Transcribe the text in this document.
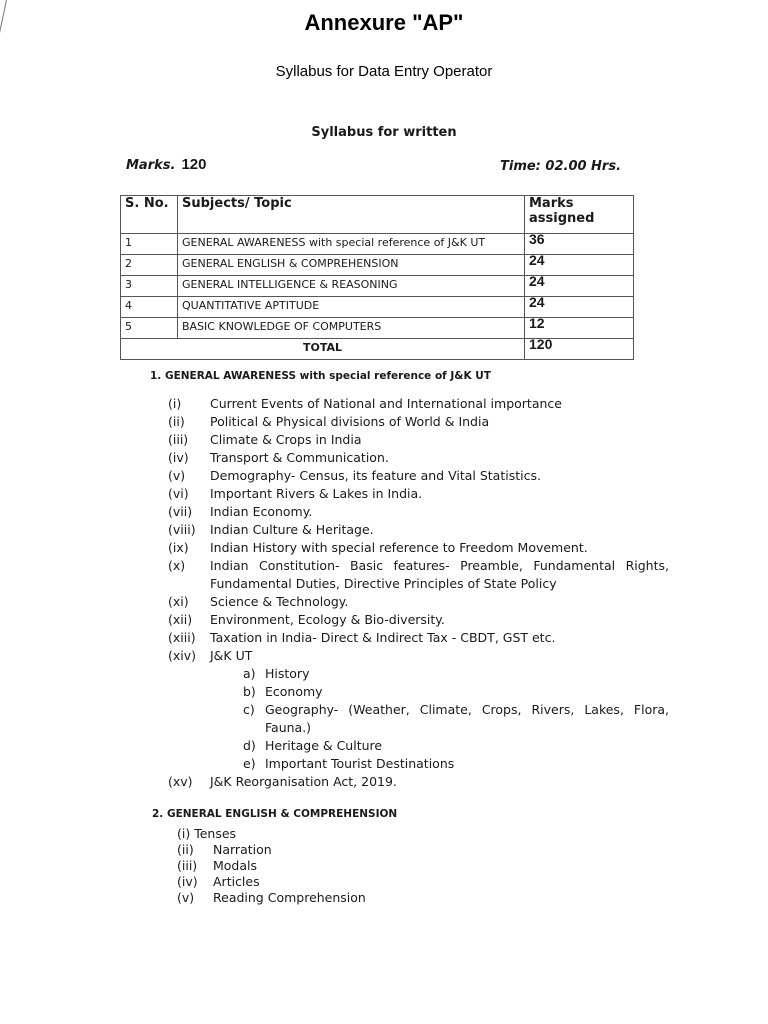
Annexure "AP"
Syllabus for Data Entry Operator
Syllabus for written
Marks. 120	Time: 02.00 Hrs.
S. No.	Subjects/ Topic	Marks assigned
1	GENERAL AWARENESS with special reference of J&K UT	36
2	GENERAL ENGLISH & COMPREHENSION	24
3	GENERAL INTELLIGENCE & REASONING	24
4	QUANTITATIVE APTITUDE	24
5	BASIC KNOWLEDGE OF COMPUTERS	12
TOTAL		120
1. GENERAL AWARENESS with special reference of J&K UT
(i)	Current Events of National and International importance
(ii)	Political & Physical divisions of World & India
(iii)	Climate & Crops in India
(iv)	Transport & Communication.
(v)	Demography- Census, its feature and Vital Statistics.
(vi)	Important Rivers & Lakes in India.
(vii)	Indian Economy.
(viii)	Indian Culture & Heritage.
(ix)	Indian History with special reference to Freedom Movement.
(x)	Indian Constitution- Basic features- Preamble, Fundamental Rights,
Fundamental Duties, Directive Principles of State Policy
(xi)	Science & Technology.
(xii)	Environment, Ecology & Bio-diversity.
(xiii)	Taxation in India- Direct & Indirect Tax - CBDT, GST etc.
(xiv)	J&K UT
a) History
b) Economy
c) Geography- (Weather, Climate, Crops, Rivers, Lakes, Flora,
Fauna.)
d) Heritage & Culture
e) Important Tourist Destinations
(xv)	J&K Reorganisation Act, 2019.
2. GENERAL ENGLISH & COMPREHENSION
(i)
Tenses
(ii)	Narration
(iii)	Modals
(iv)	Articles
(v)	Reading Comprehension
